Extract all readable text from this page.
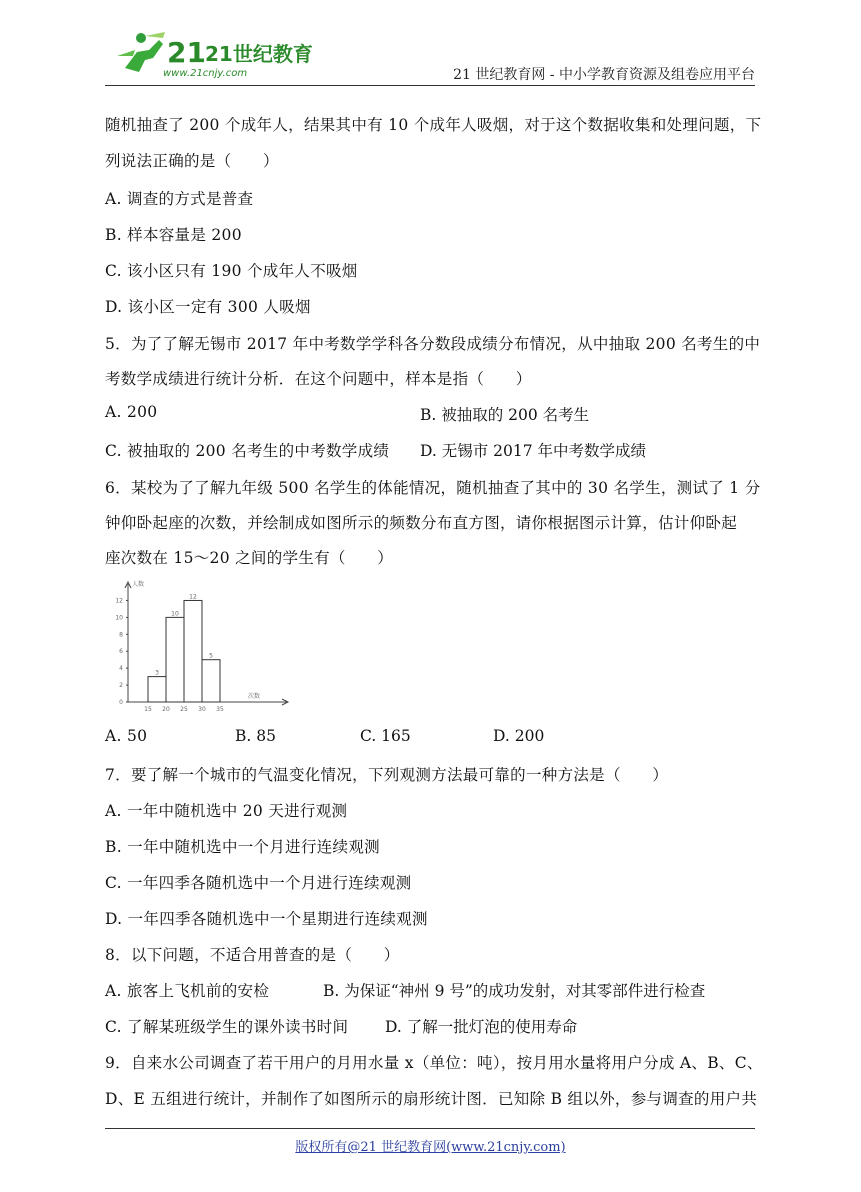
21 21世纪教育
www.21cnjy.com	21 世纪教育网 - 中小学教育资源及组卷应用平台
随机抽查了 200 个成年人，结果其中有 10 个成年人吸烟，对于这个数据收集和处理问题，下
列说法正确的是（　　）
A. 调查的方式是普查
B. 样本容量是 200
C. 该小区只有 190 个成年人不吸烟
D. 该小区一定有 300 人吸烟
5．为了了解无锡市 2017 年中考数学学科各分数段成绩分布情况，从中抽取 200 名考生的中
考数学成绩进行统计分析．在这个问题中，样本是指（　　）
A. 200	B. 被抽取的 200 名考生
C. 被抽取的 200 名考生的中考数学成绩 D. 无锡市 2017 年中考数学成绩
6．某校为了了解九年级 500 名学生的体能情况，随机抽查了其中的 30 名学生，测试了 1 分
钟仰卧起座的次数，并绘制成如图所示的频数分布直方图，请你根据图示计算，估计仰卧起
座次数在 15～20 之间的学生有（　　）
A. 50	B. 85	C. 165	D. 200
7．要了解一个城市的气温变化情况，下列观测方法最可靠的一种方法是（　　）
A. 一年中随机选中 20 天进行观测
B. 一年中随机选中一个月进行连续观测
C. 一年四季各随机选中一个月进行连续观测
D. 一年四季各随机选中一个星期进行连续观测
8．以下问题，不适合用普查的是（　　）
A. 旅客上飞机前的安检	B. 为保证“神州 9 号”的成功发射，对其零部件进行检查
C. 了解某班级学生的课外读书时间 D. 了解一批灯泡的使用寿命
9．自来水公司调查了若干用户的月用水量 x（单位：吨），按月用水量将用户分成 A、B、C、
D、E 五组进行统计，并制作了如图所示的扇形统计图．已知除 B 组以外，参与调查的用户共
0
2
4
6
8
10
12
3
10
12
5
15 20 25 30 35
人数
次数
版权所有@21 世纪教育网(www.21cnjy.com)
